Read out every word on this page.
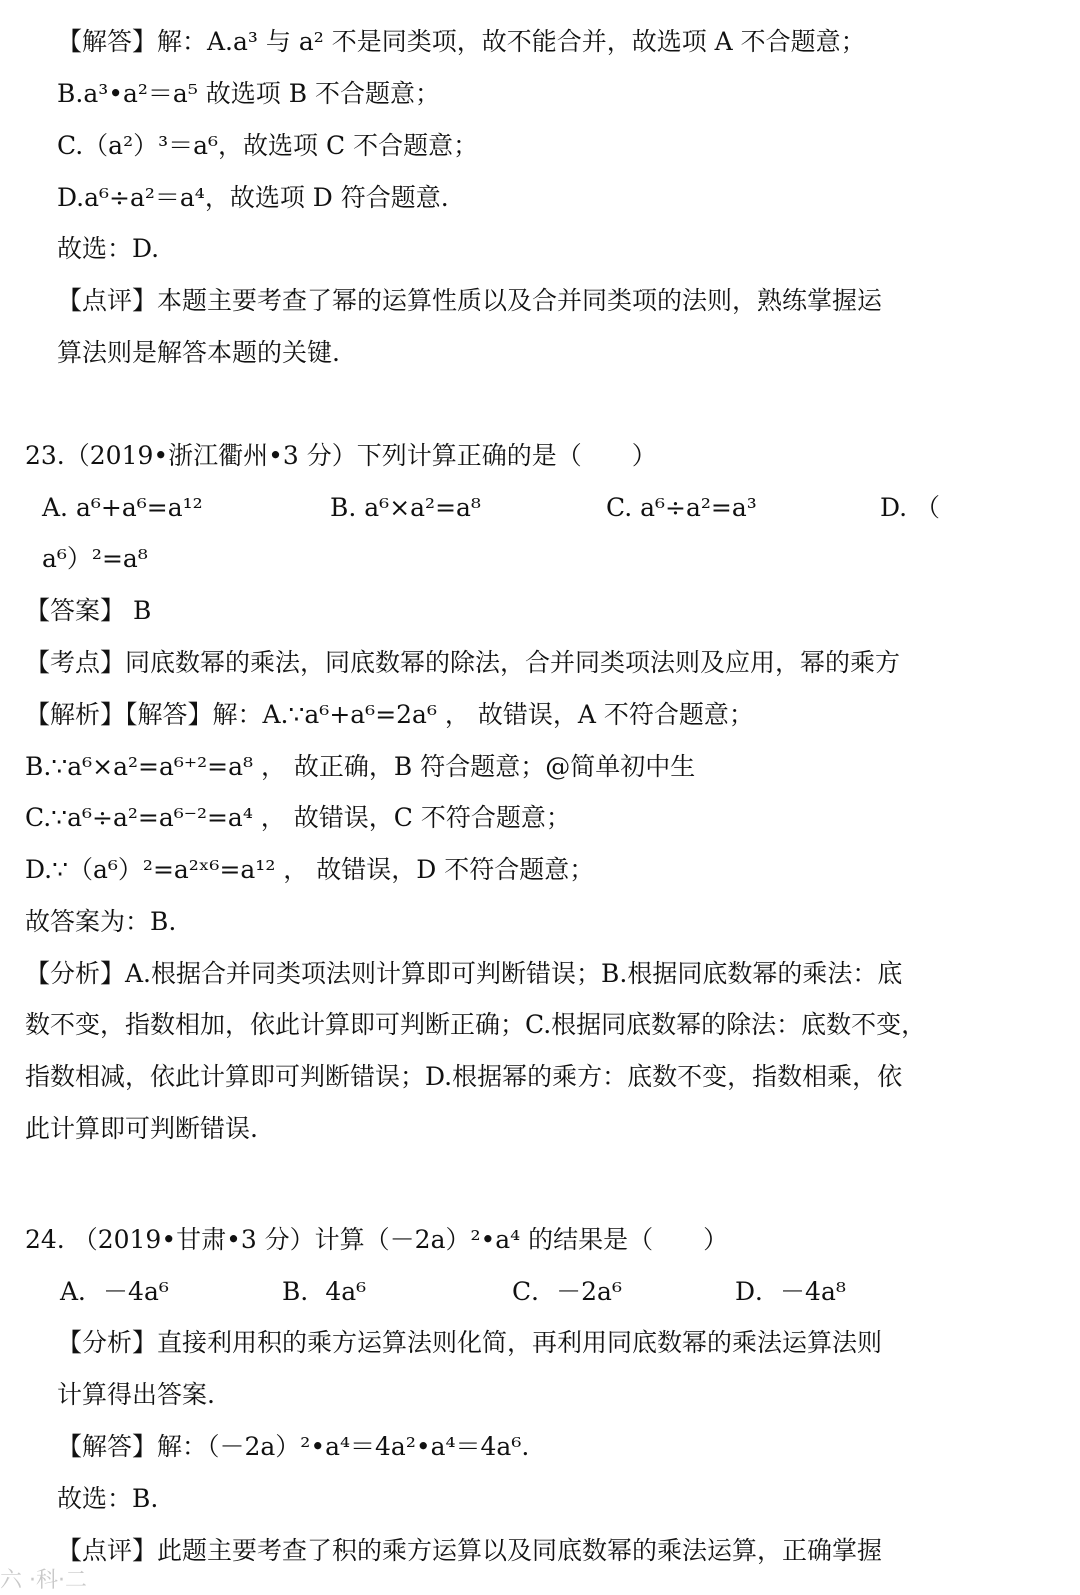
【解答】解：A.a³ 与 a² 不是同类项，故不能合并，故选项 A 不合题意；
B.a³•a²＝a⁵ 故选项 B 不合题意；
C.（a²）³＝a⁶，故选项 C 不合题意；
D.a⁶÷a²＝a⁴，故选项 D 符合题意.
故选：D.
【点评】本题主要考查了幂的运算性质以及合并同类项的法则，熟练掌握运
算法则是解答本题的关键.
23.（2019•浙江衢州•3 分）下列计算正确的是（　　）
A. a⁶+a⁶=a¹²	B. a⁶×a²=a⁸	C. a⁶÷a²=a³	D. （
a⁶）²=a⁸
【答案】 B
【考点】同底数幂的乘法，同底数幂的除法，合并同类项法则及应用，幂的乘方
【解析】【解答】解：A.∵a⁶+a⁶=2a⁶ ， 故错误，A 不符合题意；
B.∵a⁶×a²=a⁶⁺²=a⁸ ， 故正确，B 符合题意；@简单初中生
C.∵a⁶÷a²=a⁶⁻²=a⁴ ， 故错误，C 不符合题意；
D.∵（a⁶）²=a²ˣ⁶=a¹² ， 故错误，D 不符合题意；
故答案为：B.
【分析】A.根据合并同类项法则计算即可判断错误；B.根据同底数幂的乘法：底
数不变，指数相加，依此计算即可判断正确；C.根据同底数幂的除法：底数不变，
指数相减，依此计算即可判断错误；D.根据幂的乘方：底数不变，指数相乘，依
此计算即可判断错误.
24. （2019•甘肃•3 分）计算（－2a）²•a⁴ 的结果是（　　）
A．－4a⁶	B．4a⁶	C．－2a⁶	D．－4a⁸
【分析】直接利用积的乘方运算法则化简，再利用同底数幂的乘法运算法则
计算得出答案.
【解答】解：（－2a）²•a⁴＝4a²•a⁴＝4a⁶.
故选：B.
【点评】此题主要考查了积的乘方运算以及同底数幂的乘法运算，正确掌握
六 ·科·二
